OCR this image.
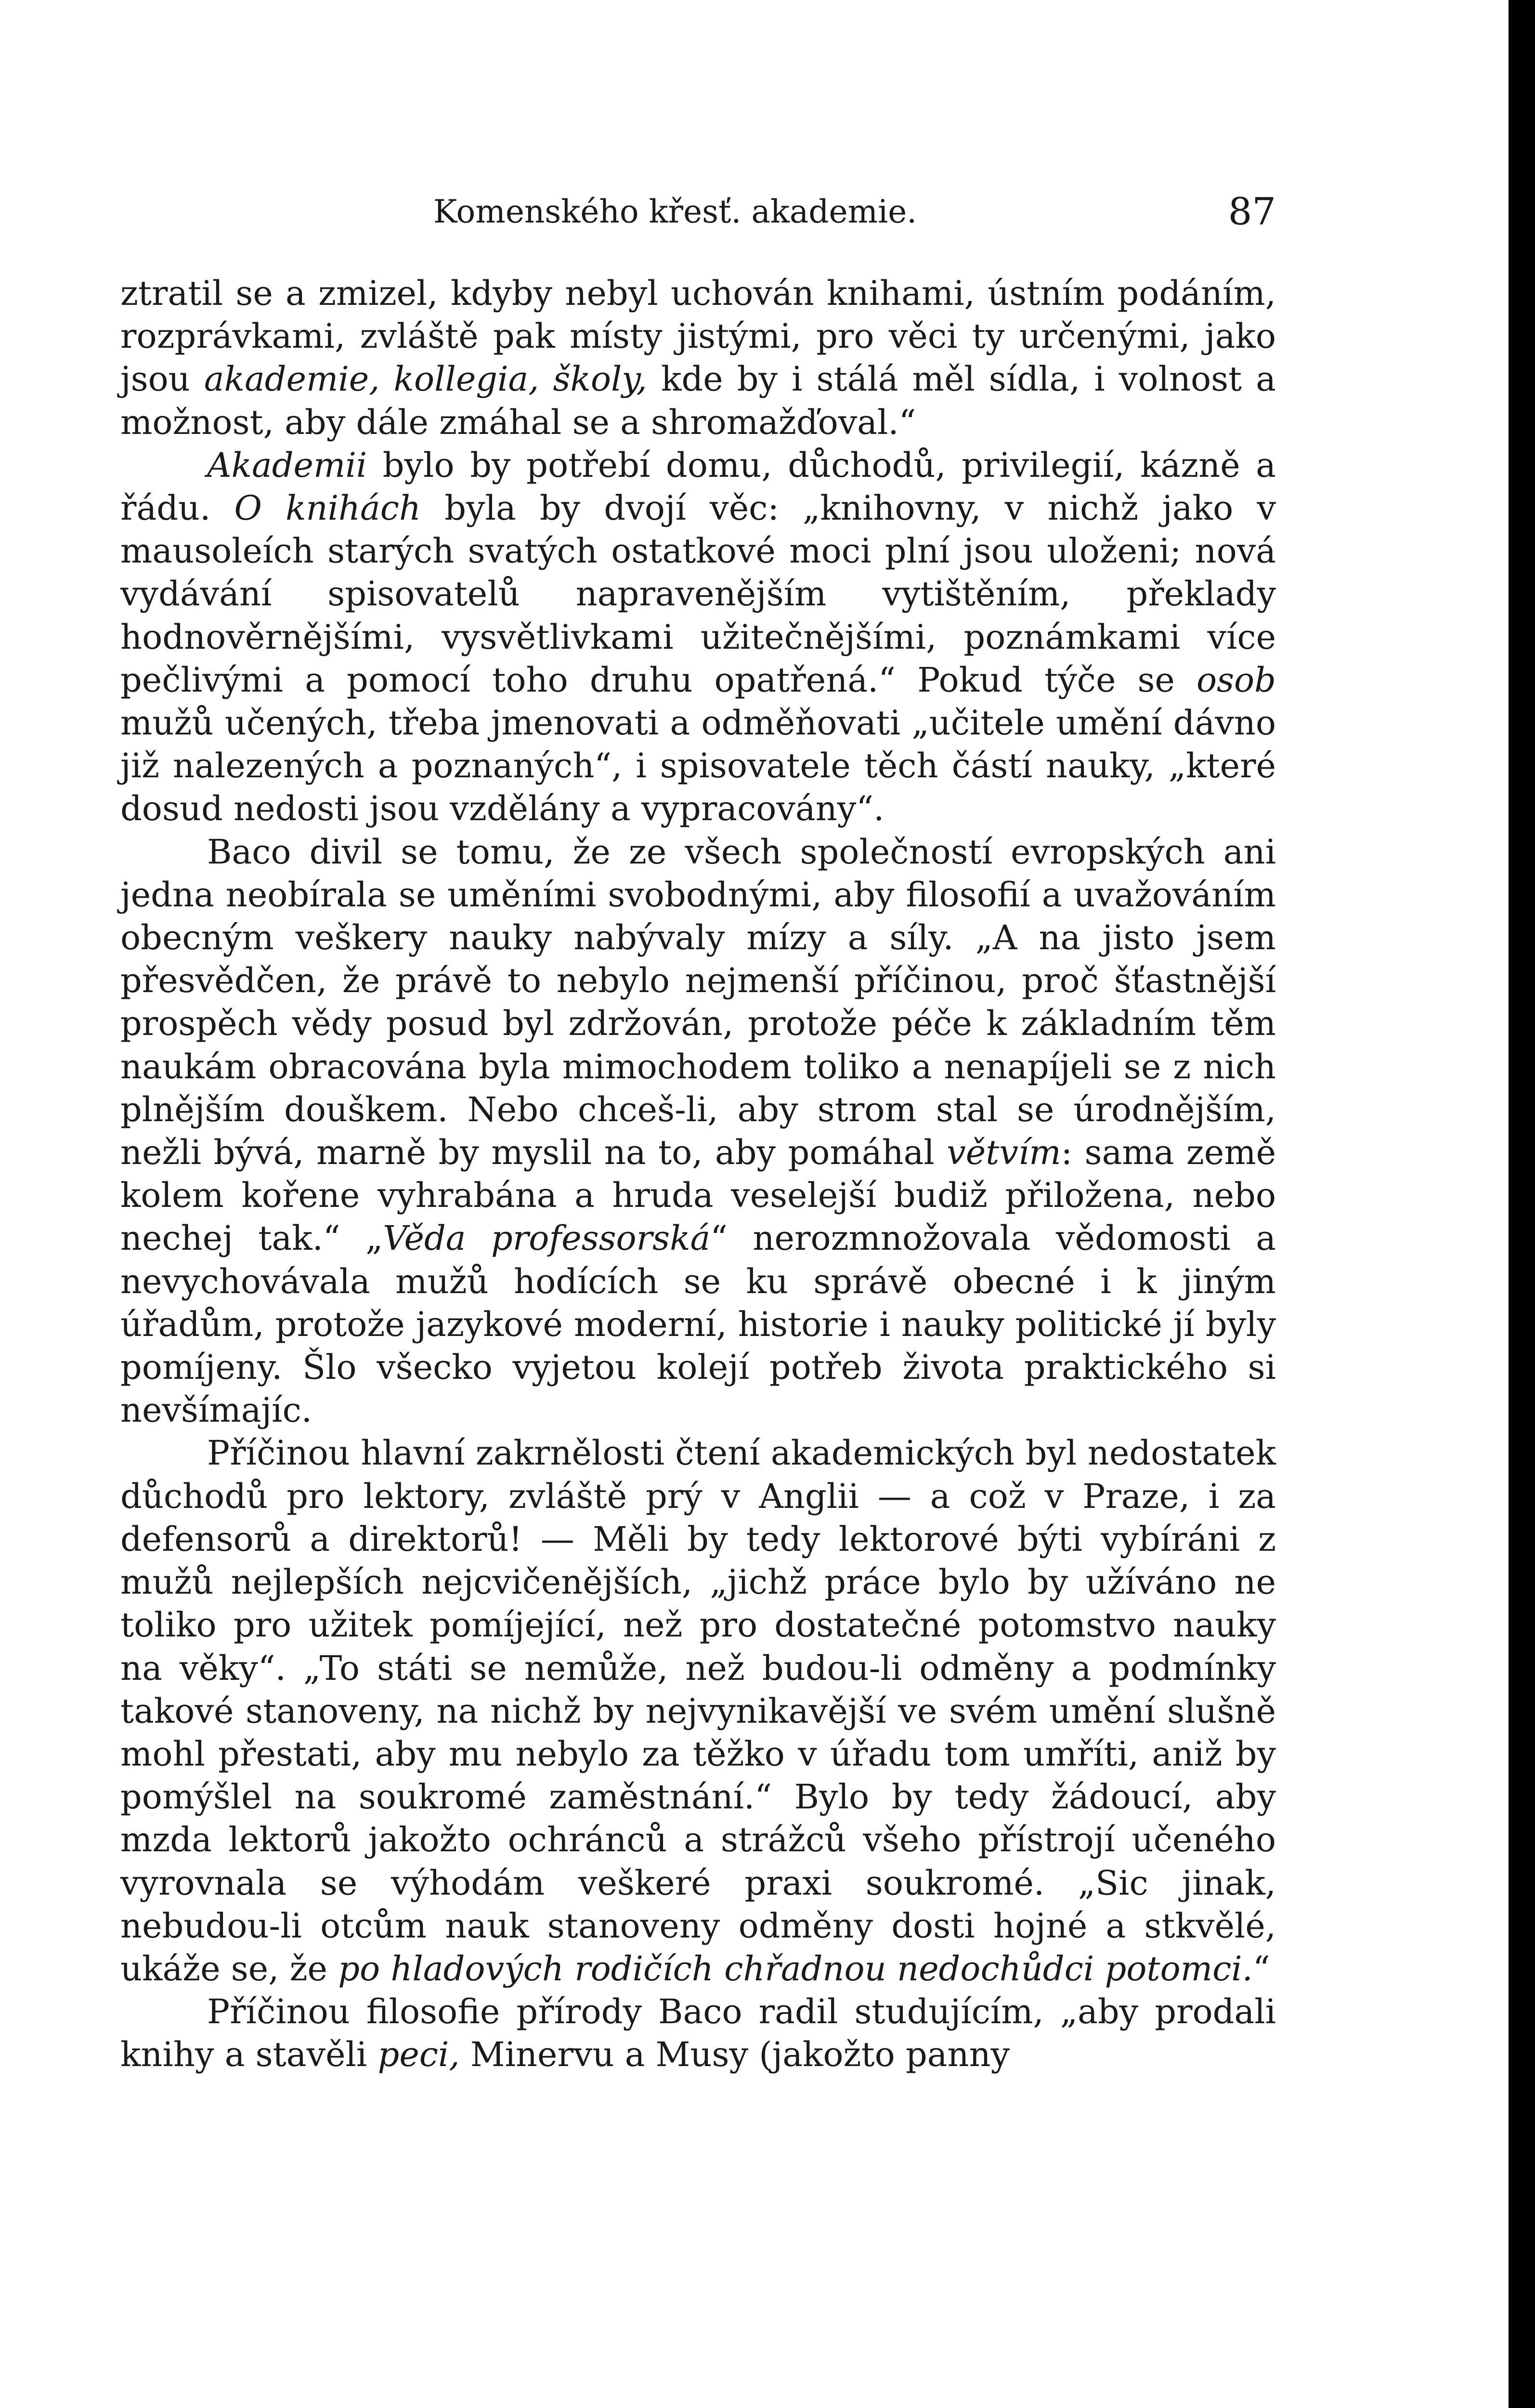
Komenského křesť. akademie.	87

ztratil se a zmizel, kdyby nebyl uchován knihami, ústním podáním, rozprávkami, zvláště pak místy jistými, pro věci ty určenými, jako jsou akademie, kollegia, školy, kde by i stálá měl sídla, i volnost a možnost, aby dále zmáhal se a shromažďoval.“

Akademii bylo by potřebí domu, důchodů, privilegií, kázně a řádu. O knihách byla by dvojí věc: „knihovny, v nichž jako v mausoleích starých svatých ostatkové moci plní jsou uloženi; nová vydávání spisovatelů napravenějším vytištěním, překlady hodnověrnějšími, vysvětlivkami užitečnějšími, poznámkami více pečlivými a pomocí toho druhu opatřená.“ Pokud týče se osob mužů učených, třeba jmenovati a odměňovati „učitele umění dávno již nalezených a poznaných“, i spisovatele těch částí nauky, „které dosud nedosti jsou vzdělány a vypracovány“.

Baco divil se tomu, že ze všech společností evropských ani jedna neobírala se uměními svobodnými, aby filosofií a uvažováním obecným veškery nauky nabývaly mízy a síly. „A na jisto jsem přesvědčen, že právě to nebylo nejmenší příčinou, proč šťastnější prospěch vědy posud byl zdržován, protože péče k základním těm naukám obracována byla mimochodem toliko a nenapíjeli se z nich plnějším douškem. Nebo chceš-li, aby strom stal se úrodnějším, nežli bývá, marně by myslil na to, aby pomáhal větvím: sama země kolem kořene vyhrabána a hruda veselejší budiž přiložena, nebo nechej tak.“ „Věda professorská“ nerozmnožovala vědomosti a nevychovávala mužů hodících se ku správě obecné i k jiným úřadům, protože jazykové moderní, historie i nauky politické jí byly pomíjeny. Šlo všecko vyjetou kolejí potřeb života praktického si nevšímajíc.

Příčinou hlavní zakrnělosti čtení akademických byl nedostatek důchodů pro lektory, zvláště prý v Anglii — a což v Praze, i za defensorů a direktorů! — Měli by tedy lektorové býti vybíráni z mužů nejlepších nejcvičenějších, „jichž práce bylo by užíváno ne toliko pro užitek pomíjející, než pro dostatečné potomstvo nauky na věky“. „To státi se nemůže, než budou-li odměny a podmínky takové stanoveny, na nichž by nejvynikavější ve svém umění slušně mohl přestati, aby mu nebylo za těžko v úřadu tom umříti, aniž by pomýšlel na soukromé zaměstnání.“ Bylo by tedy žádoucí, aby mzda lektorů jakožto ochránců a strážců všeho přístrojí učeného vyrovnala se výhodám veškeré praxi soukromé. „Sic jinak, nebudou-li otcům nauk stanoveny odměny dosti hojné a stkvělé, ukáže se, že po hladových rodičích chřadnou nedochůdci potomci.“

Příčinou filosofie přírody Baco radil studujícím, „aby prodali knihy a stavěli peci, Minervu a Musy (jakožto panny
